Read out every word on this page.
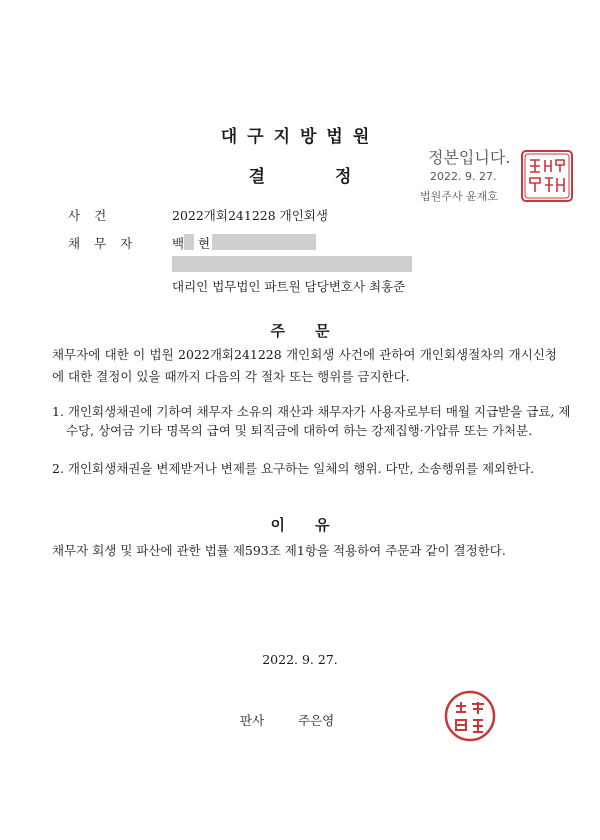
대구지방법원
결정
정본입니다.
2022. 9. 27.
법원주사 윤재호
사건	2022개회241228 개인회생
채무자 백 현
대리인 법무법인 파트원 담당변호사 최홍준
주문
채무자에 대한 이 법원 2022개회241228 개인회생 사건에 관하여 개인회생절차의 개시신청에 대한 결정이 있을 때까지 다음의 각 절차 또는 행위를 금지한다.
1. 개인회생채권에 기하여 채무자 소유의 재산과 채무자가 사용자로부터 매월 지급받을 급료, 제수당, 상여금 기타 명목의 급여 및 퇴직금에 대하여 하는 강제집행·가압류 또는 가처분.
2. 개인회생채권을 변제받거나 변제를 요구하는 일체의 행위. 다만, 소송행위를 제외한다.
이유
채무자 회생 및 파산에 관한 법률 제593조 제1항을 적용하여 주문과 같이 결정한다.
2022. 9. 27.
판사	주은영
